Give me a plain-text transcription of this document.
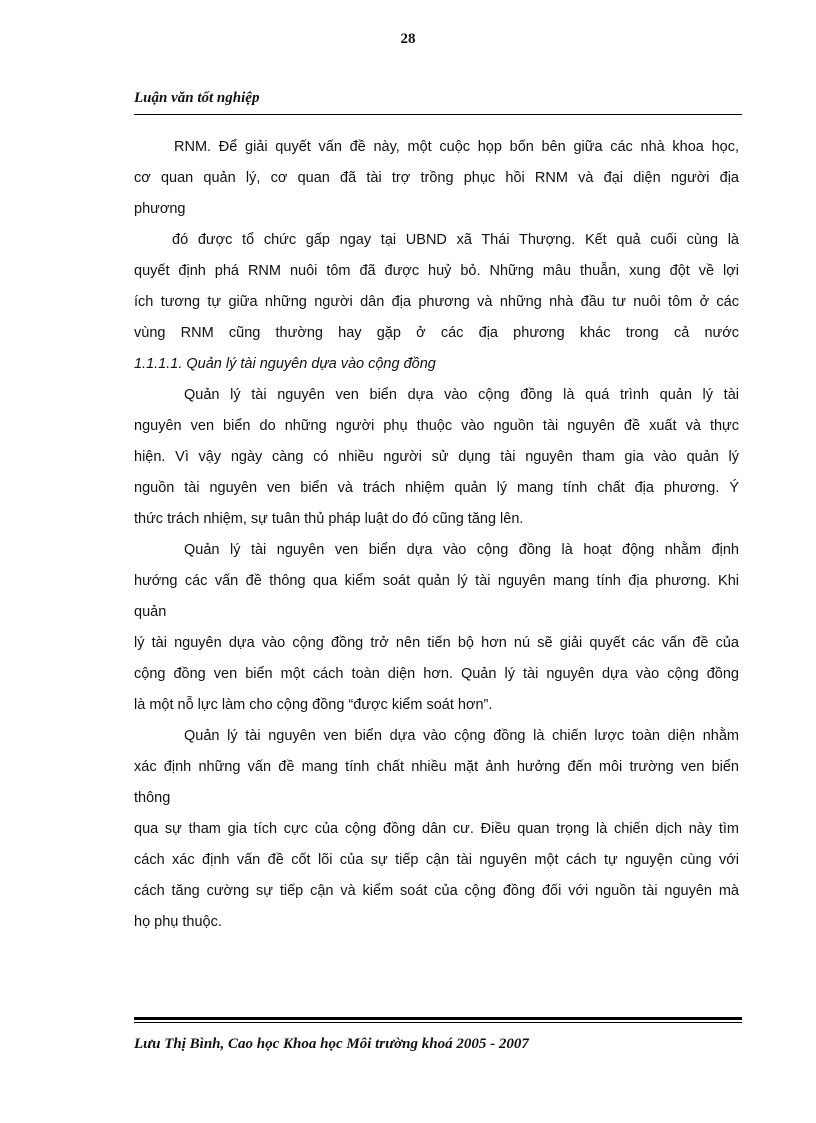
28
Luận văn tốt nghiệp

RNM. Để giải quyết vấn đề này, một cuộc họp bốn bên giữa các nhà khoa học,

cơ quan quản lý, cơ quan đã tài trợ trồng phục hồi RNM và đại diện người địa

phương

đó được tổ chức gấp ngay tại UBND xã Thái Thượng. Kết quả cuối cùng là

quyết định phá RNM nuôi tôm đã được huỷ bỏ. Những mâu thuẫn, xung đột về lợi

ích tương tự giữa những người dân địa phương và những nhà đầu tư nuôi tôm ở các

vùng RNM cũng thường hay gặp ở các địa phương khác trong cả nước

1.1.1.1. Quản lý tài nguyên dựa vào cộng đồng

Quản lý tài nguyên ven biển dựa vào cộng đồng là quá trình quản lý tài

nguyên ven biển do những người phụ thuộc vào nguồn tài nguyên đề xuất và thực

hiện. Vì vậy ngày càng có nhiều người sử dụng tài nguyên tham gia vào quản lý

nguồn tài nguyên ven biển và trách nhiệm quản lý mang tính chất địa phương. Ý

thức trách nhiệm, sự tuân thủ pháp luật do đó cũng tăng lên.

Quản lý tài nguyên ven biển dựa vào cộng đồng là hoạt động nhằm định

hướng các vấn đề thông qua kiểm soát quản lý tài nguyên mang tính địa phương. Khi

quản

lý tài nguyên dựa vào cộng đồng trở nên tiến bộ hơn nú sẽ giải quyết các vấn đề của

cộng đồng ven biển một cách toàn diện hơn. Quản lý tài nguyên dựa vào cộng đồng

là một nỗ lực làm cho cộng đồng “được kiểm soát hơn”.

Quản lý tài nguyên ven biển dựa vào cộng đồng là chiến lược toàn diện nhằm

xác định những vấn đề mang tính chất nhiều mặt ảnh hưởng đến môi trường ven biển

thông

qua sự tham gia tích cực của cộng đồng dân cư. Điều quan trọng là chiến dịch này tìm

cách xác định vấn đề cốt lõi của sự tiếp cận tài nguyên một cách tự nguyện cùng với

cách tăng cường sự tiếp cận và kiểm soát của cộng đồng đối với nguồn tài nguyên mà

họ phụ thuộc.

Lưu Thị Bình, Cao học Khoa học Môi trường khoá 2005 - 2007
